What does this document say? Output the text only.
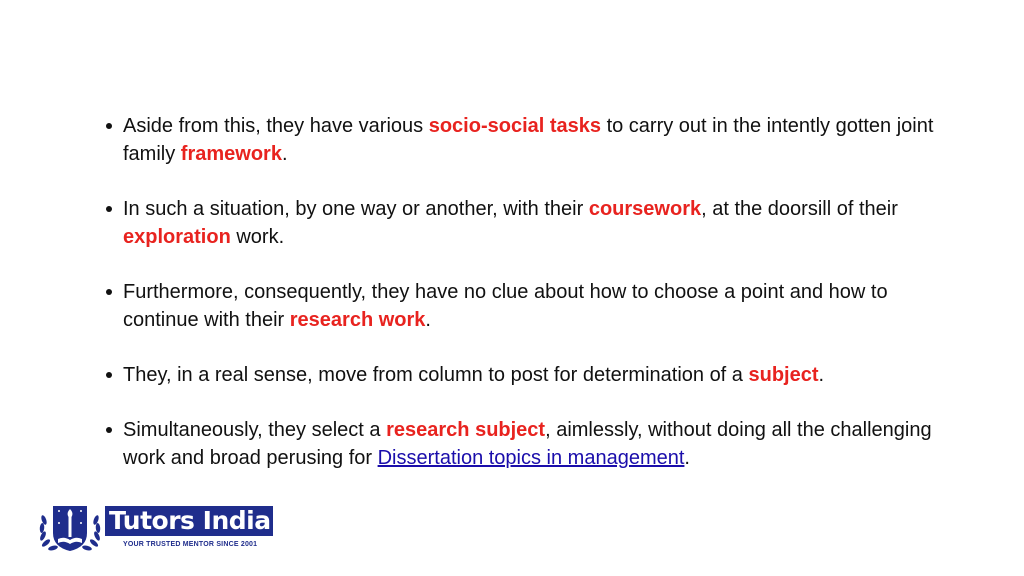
Aside from this, they have various socio-social tasks to carry out in the intently gotten joint family framework.
In such a situation, by one way or another, with their coursework, at the doorsill of their exploration work.
Furthermore, consequently, they have no clue about how to choose a point and how to continue with their research work.
They, in a real sense, move from column to post for determination of a subject.
Simultaneously, they select a research subject, aimlessly, without doing all the challenging work and broad perusing for Dissertation topics in management.
Tutors India
YOUR TRUSTED MENTOR SINCE 2001
